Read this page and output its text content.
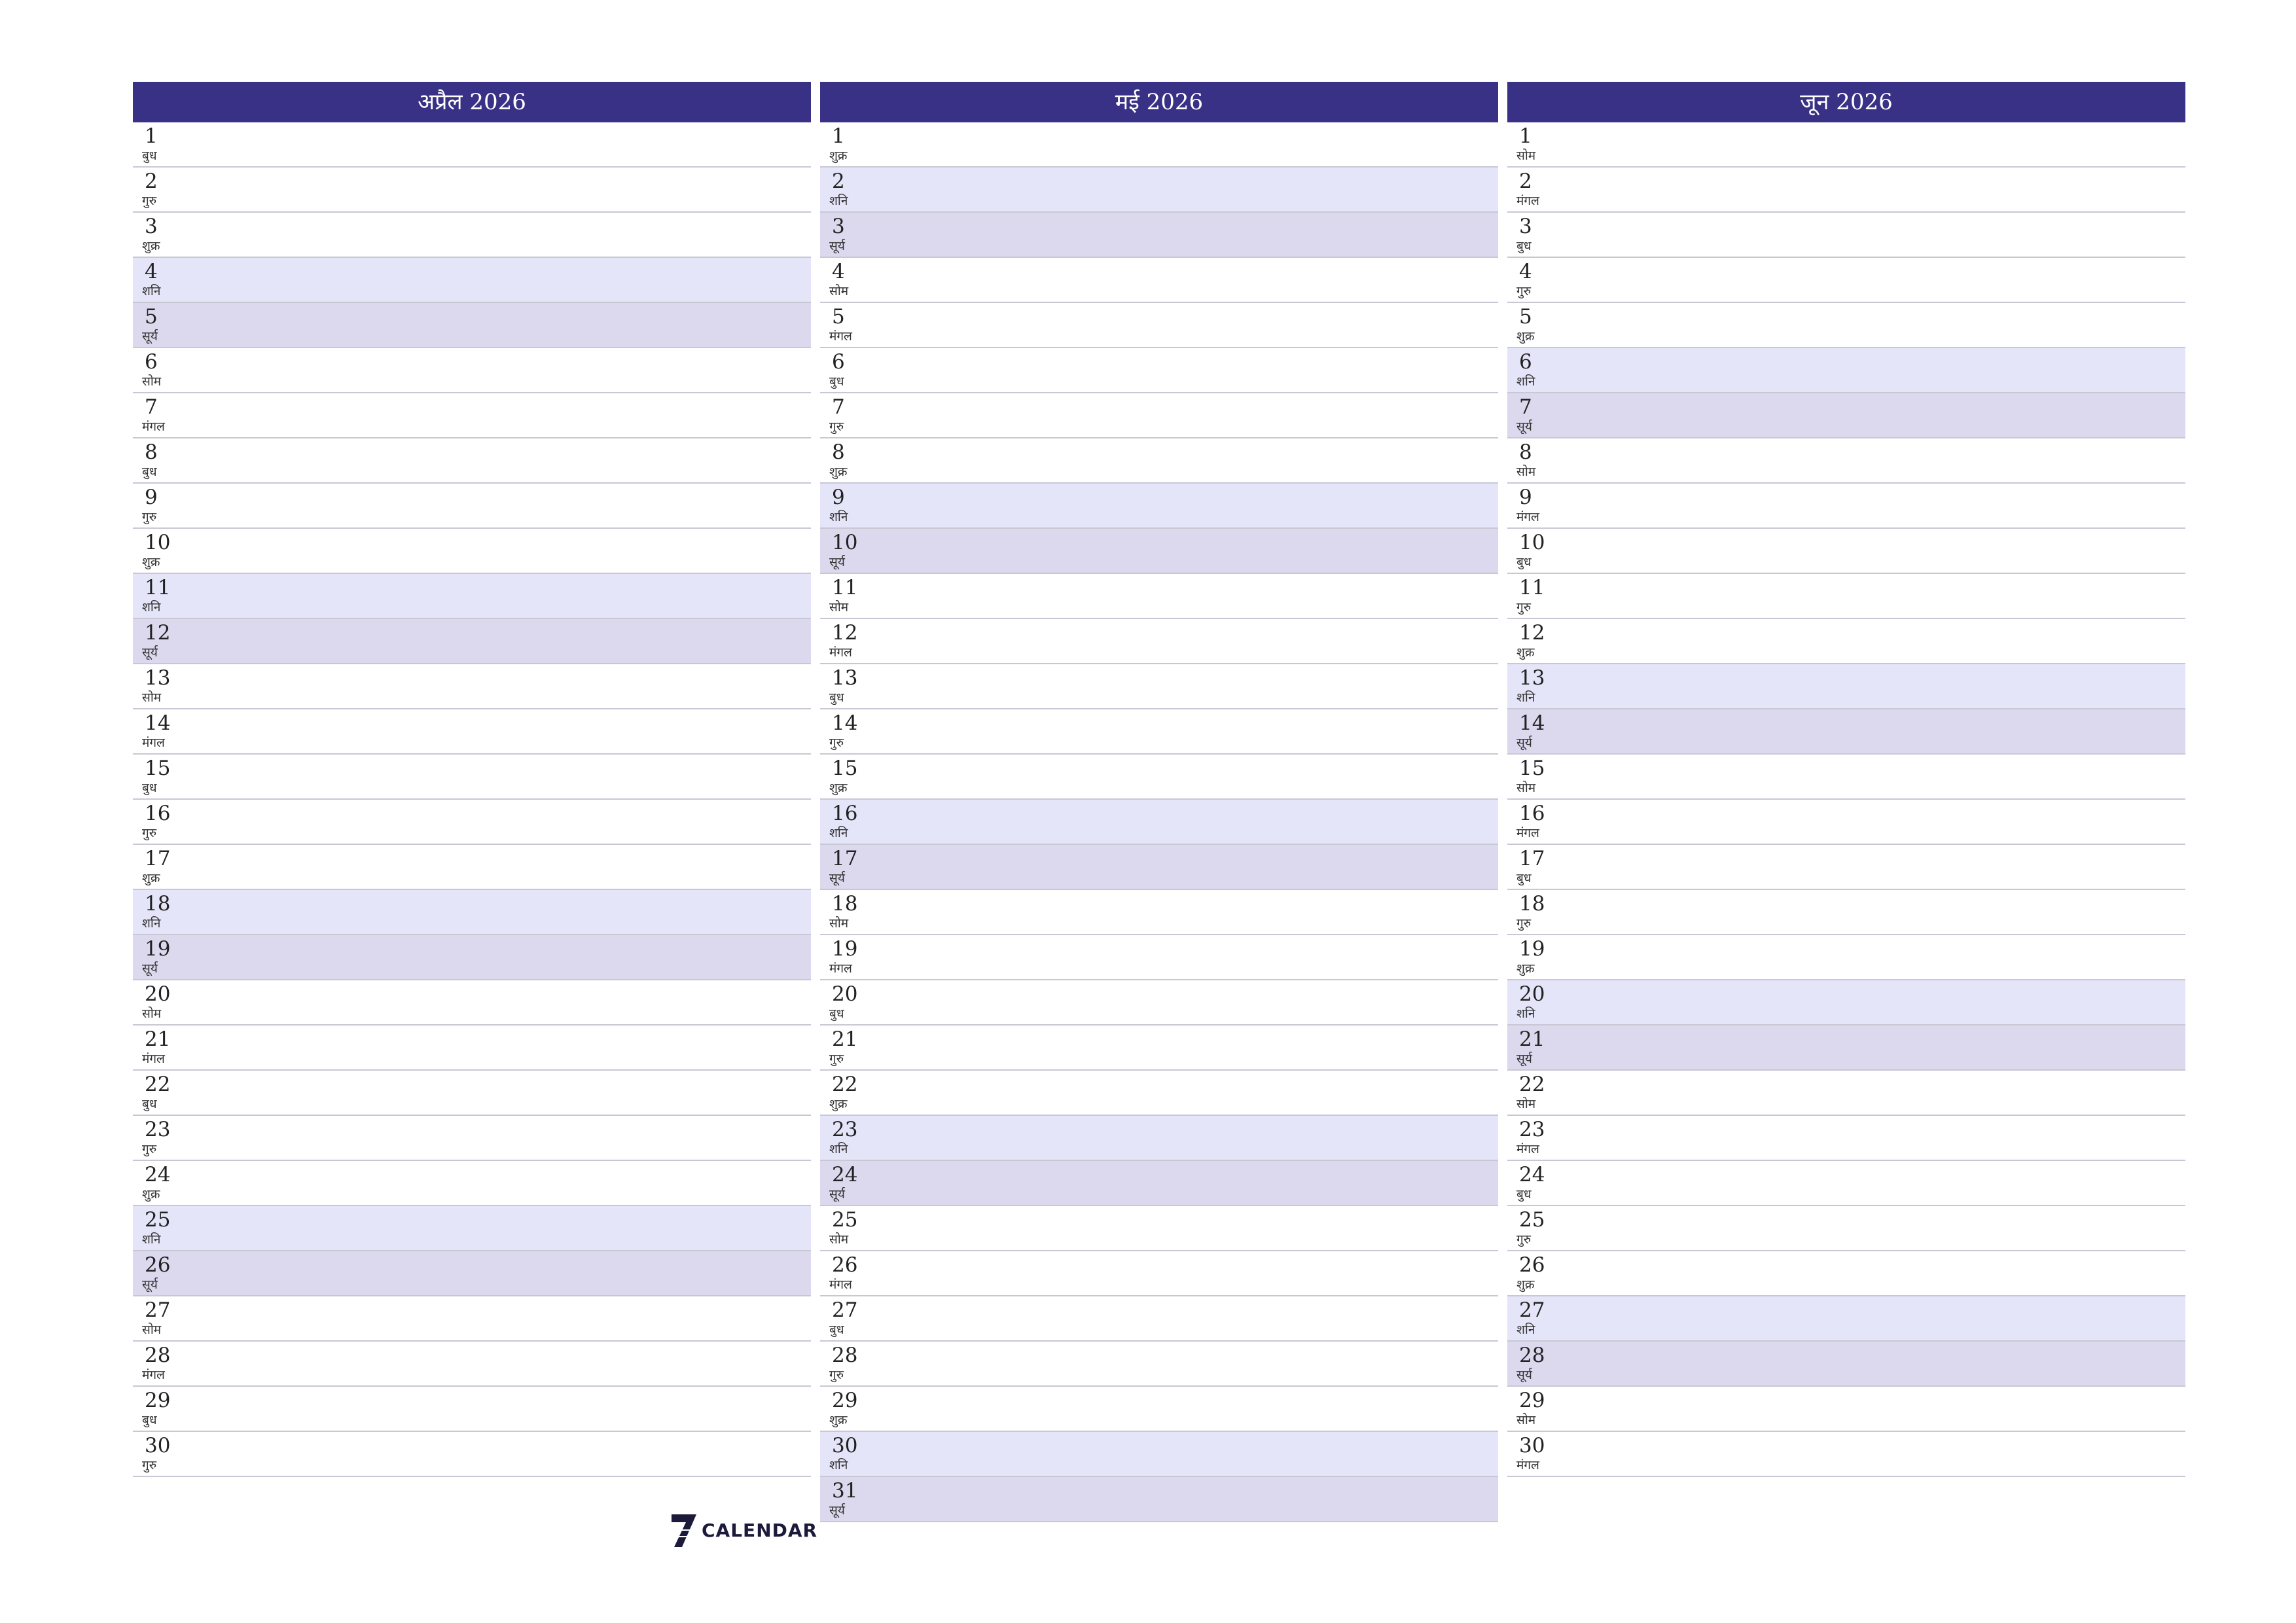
अप्रैल 2026
1
बुध
2
गुरु
3
शुक्र
4
शनि
5
सूर्य
6
सोम
7
मंगल
8
बुध
9
गुरु
10
शुक्र
11
शनि
12
सूर्य
13
सोम
14
मंगल
15
बुध
16
गुरु
17
शुक्र
18
शनि
19
सूर्य
20
सोम
21
मंगल
22
बुध
23
गुरु
24
शुक्र
25
शनि
26
सूर्य
27
सोम
28
मंगल
29
बुध
30
गुरु
मई 2026
1
शुक्र
2
शनि
3
सूर्य
4
सोम
5
मंगल
6
बुध
7
गुरु
8
शुक्र
9
शनि
10
सूर्य
11
सोम
12
मंगल
13
बुध
14
गुरु
15
शुक्र
16
शनि
17
सूर्य
18
सोम
19
मंगल
20
बुध
21
गुरु
22
शुक्र
23
शनि
24
सूर्य
25
सोम
26
मंगल
27
बुध
28
गुरु
29
शुक्र
30
शनि
31
सूर्य
जून 2026
1
सोम
2
मंगल
3
बुध
4
गुरु
5
शुक्र
6
शनि
7
सूर्य
8
सोम
9
मंगल
10
बुध
11
गुरु
12
शुक्र
13
शनि
14
सूर्य
15
सोम
16
मंगल
17
बुध
18
गुरु
19
शुक्र
20
शनि
21
सूर्य
22
सोम
23
मंगल
24
बुध
25
गुरु
26
शुक्र
27
शनि
28
सूर्य
29
सोम
30
मंगल
CALENDAR
